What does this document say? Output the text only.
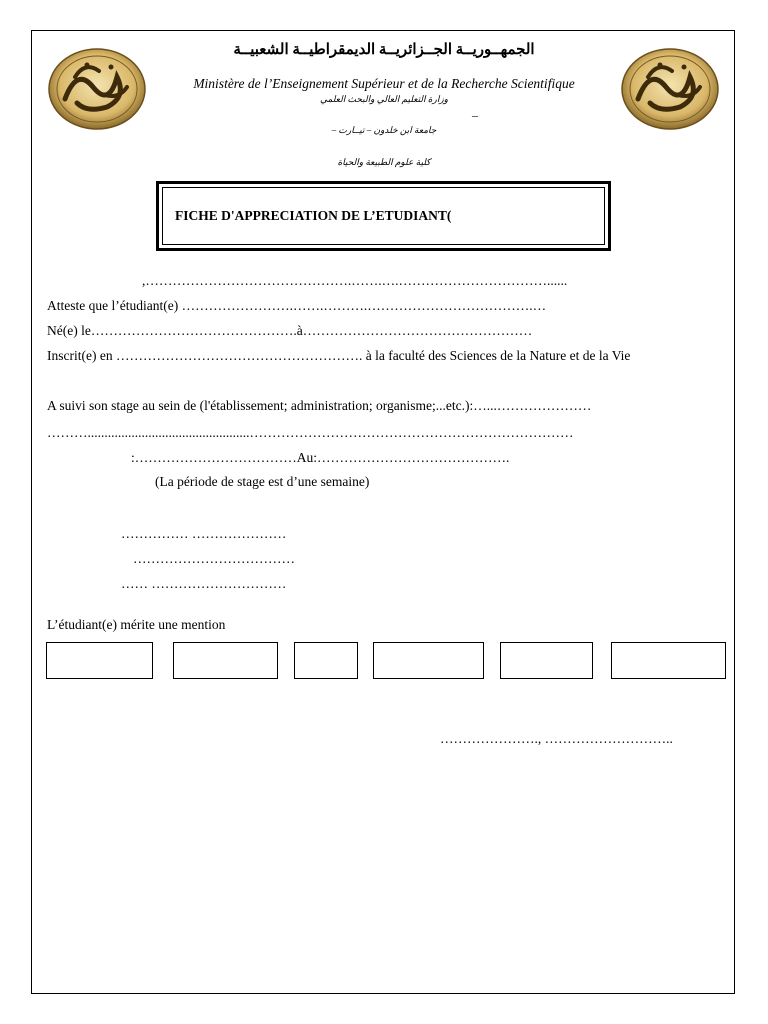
الجمهــوريــة الجــزائريــة الديمقراطيــة الشعبيــة
Ministère de l’Enseignement Supérieur et de la Recherche Scientifique
وزارة التعليم العالي والبحث العلمي
–
جامعة ابن خلدون – تيــارت –
كلية علوم الطبيعة والحياة
FICHE D'APPRECIATION DE L’ETUDIANT(
,……………………………………….…….….……………………………......
Atteste que l’étudiant(e) …………………….…….……….……………………………….…
Né(e) le……………………………………….à……………………………………………
Inscrit(e) en ………………………………………………. à la faculté des Sciences de la Nature et de la Vie
A suivi son stage au sein de (l'établissement; administration; organisme;...etc.):…...…………………
………................................................………………………………………………………………
:………………………………Au:…………………………………….
(La période de stage est d’une semaine)
…………… …………………
………………………………
…… …………………………
L’étudiant(e) mérite une mention
…………………., ………………………..
